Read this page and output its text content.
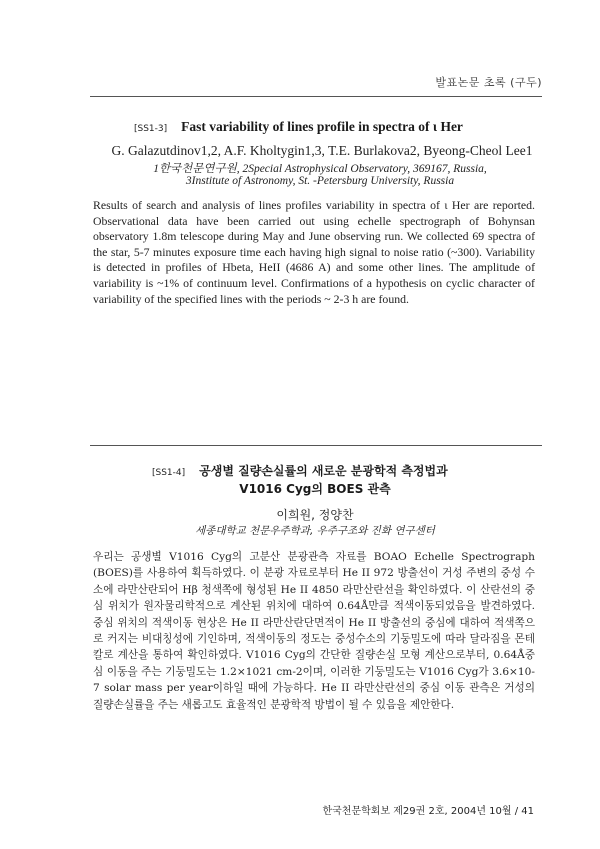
발표논문 초록 (구두)
[SS1-3] Fast variability of lines profile in spectra of ι Her
G. Galazutdinov1,2, A.F. Kholtygin1,3, T.E. Burlakova2, Byeong-Cheol Lee1
1한국천문연구원, 2Special Astrophysical Observatory, 369167, Russia,
3Institute of Astronomy, St. -Petersburg University, Russia
Results of search and analysis of lines profiles variability in spectra of ι Her are reported. Observational data have been carried out using echelle spectrograph of Bohynsan observatory 1.8m telescope during May and June observing run. We collected 69 spectra of the star, 5-7 minutes exposure time each having high signal to noise ratio (~300). Variability is detected in profiles of Hbeta, HeII (4686 A) and some other lines. The amplitude of variability is ~1% of continuum level. Confirmations of a hypothesis on cyclic character of variability of the specified lines with the periods ~ 2-3 h are found.
[SS1-4] 공생별 질량손실률의 새로운 분광학적 측정법과
V1016 Cyg의 BOES 관측
이희원, 정양찬
세종대학교 천문우주학과, 우주구조와 진화 연구센터
우리는 공생별 V1016 Cyg의 고분산 분광관측 자료를 BOAO Echelle Spectrograph (BOES)를 사용하여 획득하였다. 이 분광 자료로부터 He II 972 방출선이 거성 주변의 중성 수소에 라만산란되어 Hβ 청색쪽에 형성된 He II 4850 라만산란선을 확인하였다. 이 산란선의 중심 위치가 원자물리학적으로 계산된 위치에 대하여 0.64Å만큼 적색이동되었음을 발견하였다. 중심 위치의 적색이동 현상은 He II 라만산란단면적이 He II 방출선의 중심에 대하여 적색쪽으로 커지는 비대칭성에 기인하며, 적색이동의 정도는 중성수소의 기둥밀도에 따라 달라짐을 몬테칼로 계산을 통하여 확인하였다. V1016 Cyg의 간단한 질량손실 모형 계산으로부터, 0.64Å중심 이동을 주는 기둥밀도는 1.2×1021 cm-2이며, 이러한 기둥밀도는 V1016 Cyg가 3.6×10-7 solar mass per year이하일 때에 가능하다. He II 라만산란선의 중심 이동 관측은 거성의 질량손실률을 주는 새롭고도 효율적인 분광학적 방법이 될 수 있음을 제안한다.
한국천문학회보 제29권 2호, 2004년 10월 / 41
